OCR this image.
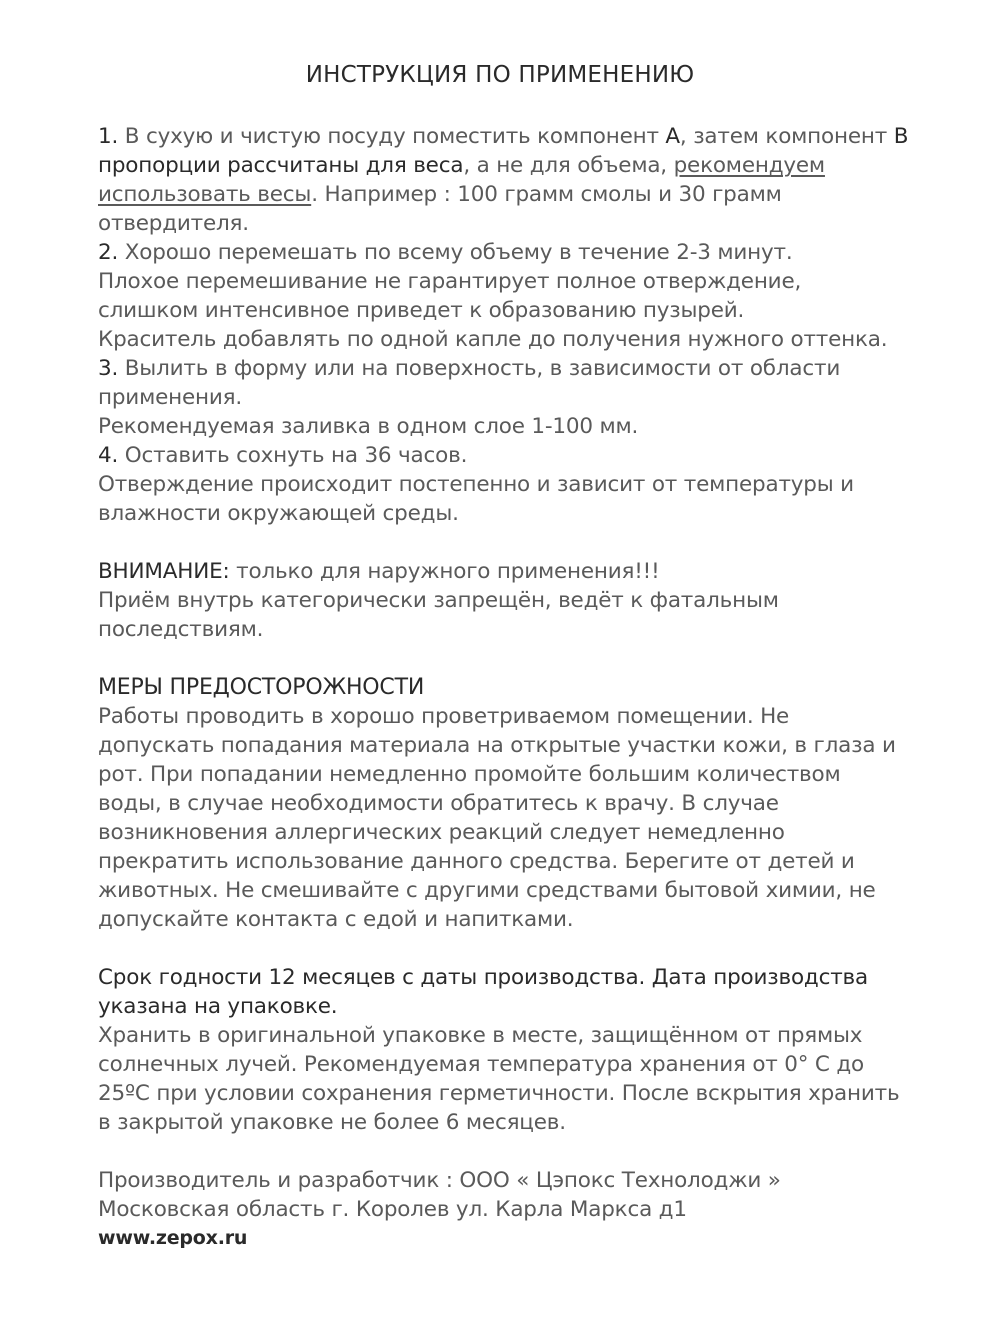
ИНСТРУКЦИЯ ПО ПРИМЕНЕНИЮ
1. В сухую и чистую посуду поместить компонент А, затем компонент В
пропорции рассчитаны для веса, а не для объема, рекомендуем
использовать весы. Например : 100 грамм смолы и 30 грамм
отвердителя.
2. Хорошо перемешать по всему объему в течение 2-3 минут.
Плохое перемешивание не гарантирует полное отверждение,
слишком интенсивное приведет к образованию пузырей.
Краситель добавлять по одной капле до получения нужного оттенка.
3. Вылить в форму или на поверхность, в зависимости от области
применения.
Рекомендуемая заливка в одном слое 1-100 мм.
4. Оставить сохнуть на 36 часов.
Отверждение происходит постепенно и зависит от температуры и
влажности окружающей среды.
ВНИМАНИЕ: только для наружного применения!!!
Приём внутрь категорически запрещён, ведёт к фатальным
последствиям.
МЕРЫ ПРЕДОСТОРОЖНОСТИ
Работы проводить в хорошо проветриваемом помещении. Не
допускать попадания материала на открытые участки кожи, в глаза и
рот. При попадании немедленно промойте большим количеством
воды, в случае необходимости обратитесь к врачу. В случае
возникновения аллергических реакций следует немедленно
прекратить использование данного средства. Берегите от детей и
животных. Не смешивайте с другими средствами бытовой химии, не
допускайте контакта с едой и напитками.
Срок годности 12 месяцев с даты производства. Дата производства
указана на упаковке.
Хранить в оригинальной упаковке в месте, защищённом от прямых
солнечных лучей. Рекомендуемая температура хранения от 0° С до
25ºС при условии сохранения герметичности. После вскрытия хранить
в закрытой упаковке не более 6 месяцев.
Производитель и разработчик : ООО « Цэпокс Технолоджи »
Московская область г. Королев ул. Карла Маркса д1
www.zepox.ru
